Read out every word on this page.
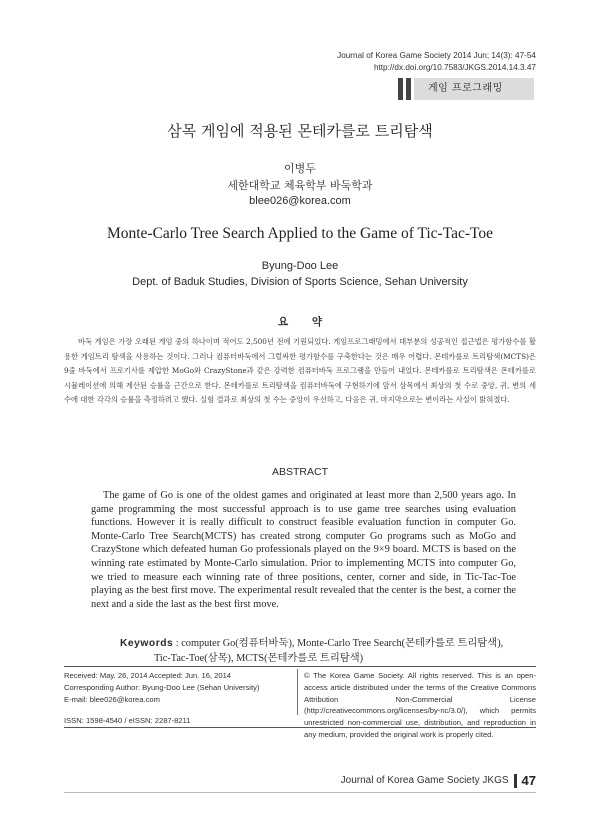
Journal of Korea Game Society 2014 Jun; 14(3): 47-54
http://dx.doi.org/10.7583/JKGS.2014.14.3.47
게임 프로그래밍
삼목 게임에 적용된 몬테카를로 트리탐색
이병두
세한대학교 체육학부 바둑학과
blee026@korea.com
Monte-Carlo Tree Search Applied to the Game of Tic-Tac-Toe
Byung-Doo Lee
Dept. of Baduk Studies, Division of Sports Science, Sehan University
요 약

바둑 게임은 가장 오래된 게임 중의 하나이며 적어도 2,500년 전에 기원되었다. 게임프로그래밍에서 대부분의 성공적인 접근법은 평가함수를 활용한 게임트리 탐색을 사용하는 것이다. 그러나 컴퓨터바둑에서 그럴싸한 평가함수를 구축한다는 것은 매우 어렵다. 몬테카를로 트리탐색(MCTS)은 9줄 바둑에서 프로기사를 제압한 MoGo와 CrazyStone과 같은 강력한 컴퓨터바둑 프로그램을 만들어 내었다. 몬테카를로 트리탐색은 몬테카를로 시뮬레이션에 의해 계산된 승률을 근간으로 한다. 몬테카를로 트리탐색을 컴퓨터바둑에 구현하기에 앞서 삼목에서 최상의 첫 수로 중앙, 귀, 변의 세 수에 대한 각각의 승률을 측정하려고 했다. 실험 결과로 최상의 첫 수는 중앙이 우선하고, 다음은 귀, 마지막으로는 변이라는 사실이 밝혀졌다.

ABSTRACT

The game of Go is one of the oldest games and originated at least more than 2,500 years ago. In game programming the most successful approach is to use game tree searches using evaluation functions. However it is really difficult to construct feasible evaluation function in computer Go. Monte-Carlo Tree Search(MCTS) has created strong computer Go programs such as MoGo and CrazyStone which defeated human Go professionals played on the 9×9 board. MCTS is based on the winning rate estimated by Monte-Carlo simulation. Prior to implementing MCTS into computer Go, we tried to measure each winning rate of three positions, center, corner and side, in Tic-Tac-Toe playing as the best first move. The experimental result revealed that the center is the best, a corner the next and a side the last as the best first move.

Keywords : computer Go(컴퓨터바둑), Monte-Carlo Tree Search(몬테카를로 트리탐색),
Tic-Tac-Toe(삼목), MCTS(몬테카를로 트리탐색)
Received: May. 26, 2014 Accepted: Jun. 16, 2014
Corresponding Author: Byung-Doo Lee (Sehan University)
E-mail: blee026@korea.com
ISSN: 1598-4540 / eISSN: 2287-8211
© The Korea Game Society. All rights reserved. This is an open-access article distributed under the terms of the Creative Commons Attribution Non-Commercial License (http://creativecommons.org/licenses/by-nc/3.0/), which permits unrestricted non-commercial use, distribution, and reproduction in any medium, provided the original work is properly cited.
Journal of Korea Game Society JKGS 47
